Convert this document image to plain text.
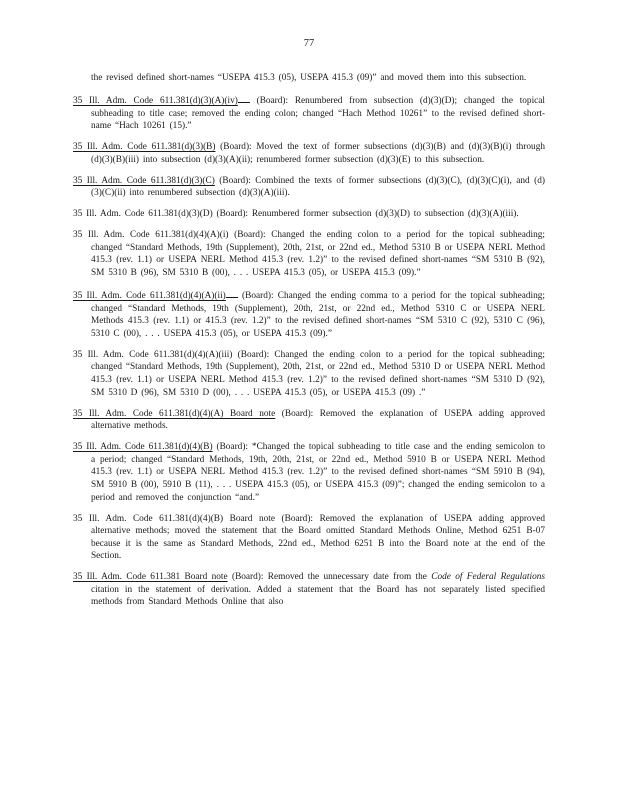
77

the revised defined short-names “USEPA 415.3 (05), USEPA 415.3 (09)” and moved them into this subsection.

35 Ill. Adm. Code 611.381(d)(3)(A)(iv) (Board): Renumbered from subsection (d)(3)(D); changed the topical subheading to title case; removed the ending colon; changed “Hach Method 10261” to the revised defined short-name “Hach 10261 (15).”

35 Ill. Adm. Code 611.381(d)(3)(B) (Board): Moved the text of former subsections (d)(3)(B) and (d)(3)(B)(i) through (d)(3)(B)(iii) into subsection (d)(3)(A)(ii); renumbered former subsection (d)(3)(E) to this subsection.

35 Ill. Adm. Code 611.381(d)(3)(C) (Board): Combined the texts of former subsections (d)(3)(C), (d)(3)(C)(i), and (d)(3)(C)(ii) into renumbered subsection (d)(3)(A)(iii).

35 Ill. Adm. Code 611.381(d)(3)(D) (Board): Renumbered former subsection (d)(3)(D) to subsection (d)(3)(A)(iii).

35 Ill. Adm. Code 611.381(d)(4)(A)(i) (Board): Changed the ending colon to a period for the topical subheading; changed “Standard Methods, 19th (Supplement), 20th, 21st, or 22nd ed., Method 5310 B or USEPA NERL Method 415.3 (rev. 1.1) or USEPA NERL Method 415.3 (rev. 1.2)” to the revised defined short-names “SM 5310 B (92), SM 5310 B (96), SM 5310 B (00), . . . USEPA 415.3 (05), or USEPA 415.3 (09).”

35 Ill. Adm. Code 611.381(d)(4)(A)(ii) (Board): Changed the ending comma to a period for the topical subheading; changed “Standard Methods, 19th (Supplement), 20th, 21st, or 22nd ed., Method 5310 C or USEPA NERL Methods 415.3 (rev. 1.1) or 415.3 (rev. 1.2)” to the revised defined short-names “SM 5310 C (92), 5310 C (96), 5310 C (00), . . . USEPA 415.3 (05), or USEPA 415.3 (09).”

35 Ill. Adm. Code 611.381(d)(4)(A)(iii) (Board): Changed the ending colon to a period for the topical subheading; changed “Standard Methods, 19th (Supplement), 20th, 21st, or 22nd ed., Method 5310 D or USEPA NERL Method 415.3 (rev. 1.1) or USEPA NERL Method 415.3 (rev. 1.2)” to the revised defined short-names “SM 5310 D (92), SM 5310 D (96), SM 5310 D (00), . . . USEPA 415.3 (05), or USEPA 415.3 (09) .”

35 Ill. Adm. Code 611.381(d)(4)(A) Board note (Board): Removed the explanation of USEPA adding approved alternative methods.

35 Ill. Adm. Code 611.381(d)(4)(B) (Board): *Changed the topical subheading to title case and the ending semicolon to a period; changed “Standard Methods, 19th, 20th, 21st, or 22nd ed., Method 5910 B or USEPA NERL Method 415.3 (rev. 1.1) or USEPA NERL Method 415.3 (rev. 1.2)” to the revised defined short-names “SM 5910 B (94), SM 5910 B (00), 5910 B (11), . . . USEPA 415.3 (05), or USEPA 415.3 (09)”; changed the ending semicolon to a period and removed the conjunction “and.”

35 Ill. Adm. Code 611.381(d)(4)(B) Board note (Board): Removed the explanation of USEPA adding approved alternative methods; moved the statement that the Board omitted Standard Methods Online, Method 6251 B-07 because it is the same as Standard Methods, 22nd ed., Method 6251 B into the Board note at the end of the Section.

35 Ill. Adm. Code 611.381 Board note (Board): Removed the unnecessary date from the Code of Federal Regulations citation in the statement of derivation. Added a statement that the Board has not separately listed specified methods from Standard Methods Online that also
